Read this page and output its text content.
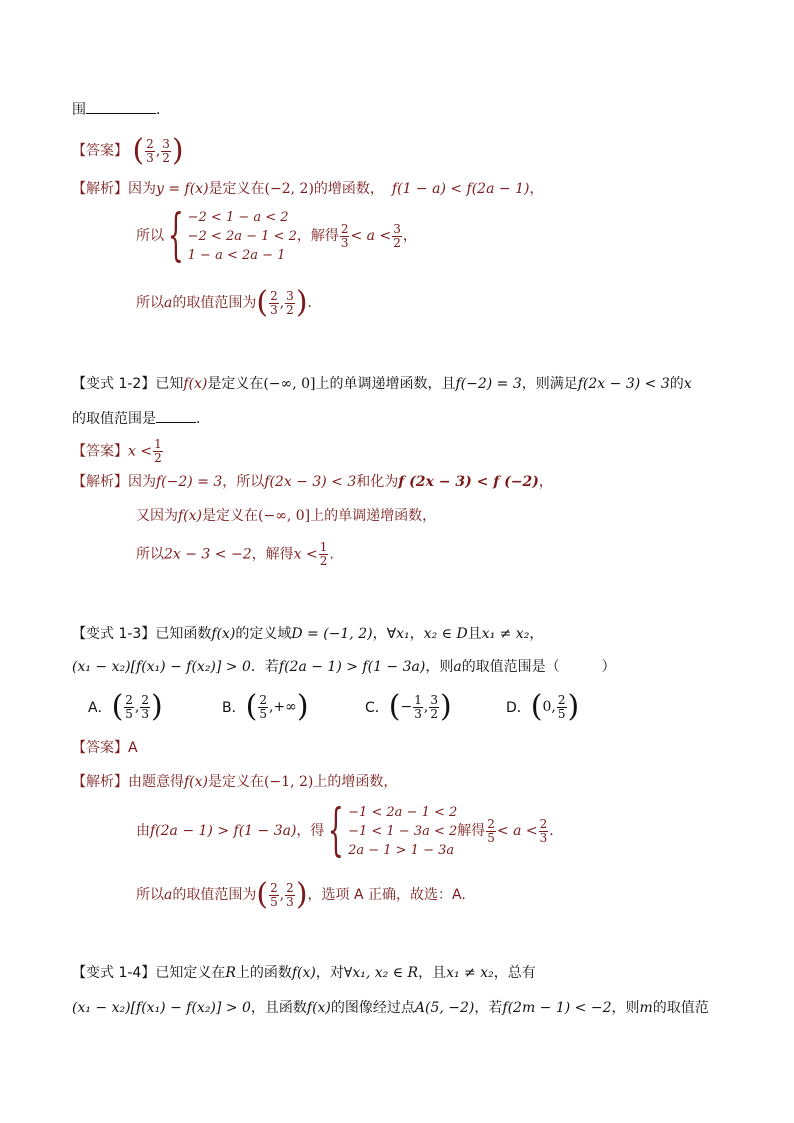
围	.
【答案】 ( $\frac{2}{3}$ , $\frac{3}{2}$ )
【解析】因为y = f(x)是定义在(−2, 2)的增函数， f(1 − a) < f(2a − 1)，
所以 { −2 < 1 − a < 2
−2 < 2a − 1 < 2
1 − a < 2a − 1
，解得 $\frac{2}{3} < a < \frac{3}{2}$ ，
所以a的取值范围为( $\frac{2}{3}$ , $\frac{3}{2}$ ).
【变式 1-2】已知f(x)是定义在(−∞, 0]上的单调递增函数，且f(−2) = 3，则满足f(2x − 3) < 3的x
的取值范围是	.
【答案】$x < \frac{1}{2}$
【解析】因为f(−2) = 3，所以f(2x − 3) < 3和化为f (2x − 3) < f (−2)，
又因为f(x)是定义在(−∞, 0]上的单调递增函数，
所以2x − 3 < −2，解得$x < \frac{1}{2}$ .
【变式 1-3】已知函数f(x)的定义域D = (−1, 2)，∀x₁，x₂ ∈ D且x₁ ≠ x₂，
(x₁ − x₂)[f(x₁) − f(x₂)] > 0．若f(2a − 1) > f(1 − 3a)，则a的取值范围是（　　　）
A． ( $\frac{2}{5}$ , $\frac{2}{3}$ )	B． ( $\frac{2}{5}$ , +∞ )	C． ( − $\frac{1}{3}$ , $\frac{3}{2}$ )	D． ( 0 , $\frac{2}{5}$ )
【答案】A
【解析】由题意得f(x)是定义在(−1, 2)上的增函数，
由 f(2a − 1) > f(1 − 3a) ，得 { −1 < 2a − 1 < 2
−1 < 1 − 3a < 2
2a − 1 > 1 − 3a
解得 $\frac{2}{5} < a < \frac{2}{3}$ ．
所以a的取值范围为( $\frac{2}{5}$ , $\frac{2}{3}$ )，选项 A 正确，故选：A.
【变式 1-4】已知定义在R上的函数f(x)，对∀x₁, x₂ ∈ R，且x₁ ≠ x₂，总有
(x₁ − x₂)[f(x₁) − f(x₂)] > 0，且函数f(x)的图像经过点A(5, −2)，若f(2m − 1) < −2，则m的取值范
